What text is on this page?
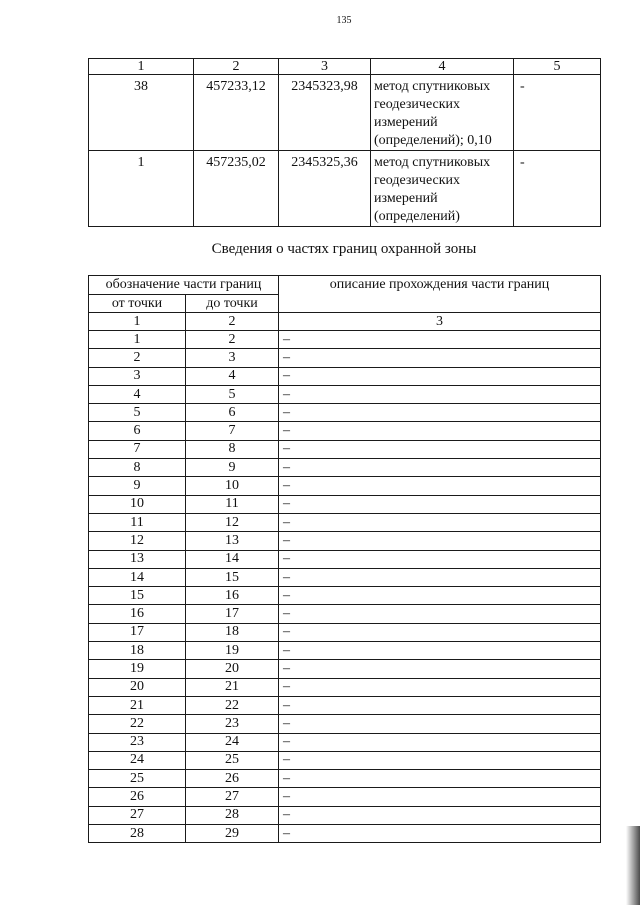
135
1	2	3	4	5
38	457233,12	2345323,98	метод спутниковых
геодезических
измерений
(определений); 0,10	-
1	457235,02	2345325,36	метод спутниковых
геодезических
измерений
(определений)	-
Сведения о частях границ охранной зоны
обозначение части границ		описание прохождения части границ
от точки	до точки	
1	2	3
1	2	–
2	3	–
3	4	–
4	5	–
5	6	–
6	7	–
7	8	–
8	9	–
9	10	–
10	11	–
11	12	–
12	13	–
13	14	–
14	15	–
15	16	–
16	17	–
17	18	–
18	19	–
19	20	–
20	21	–
21	22	–
22	23	–
23	24	–
24	25	–
25	26	–
26	27	–
27	28	–
28	29	–
